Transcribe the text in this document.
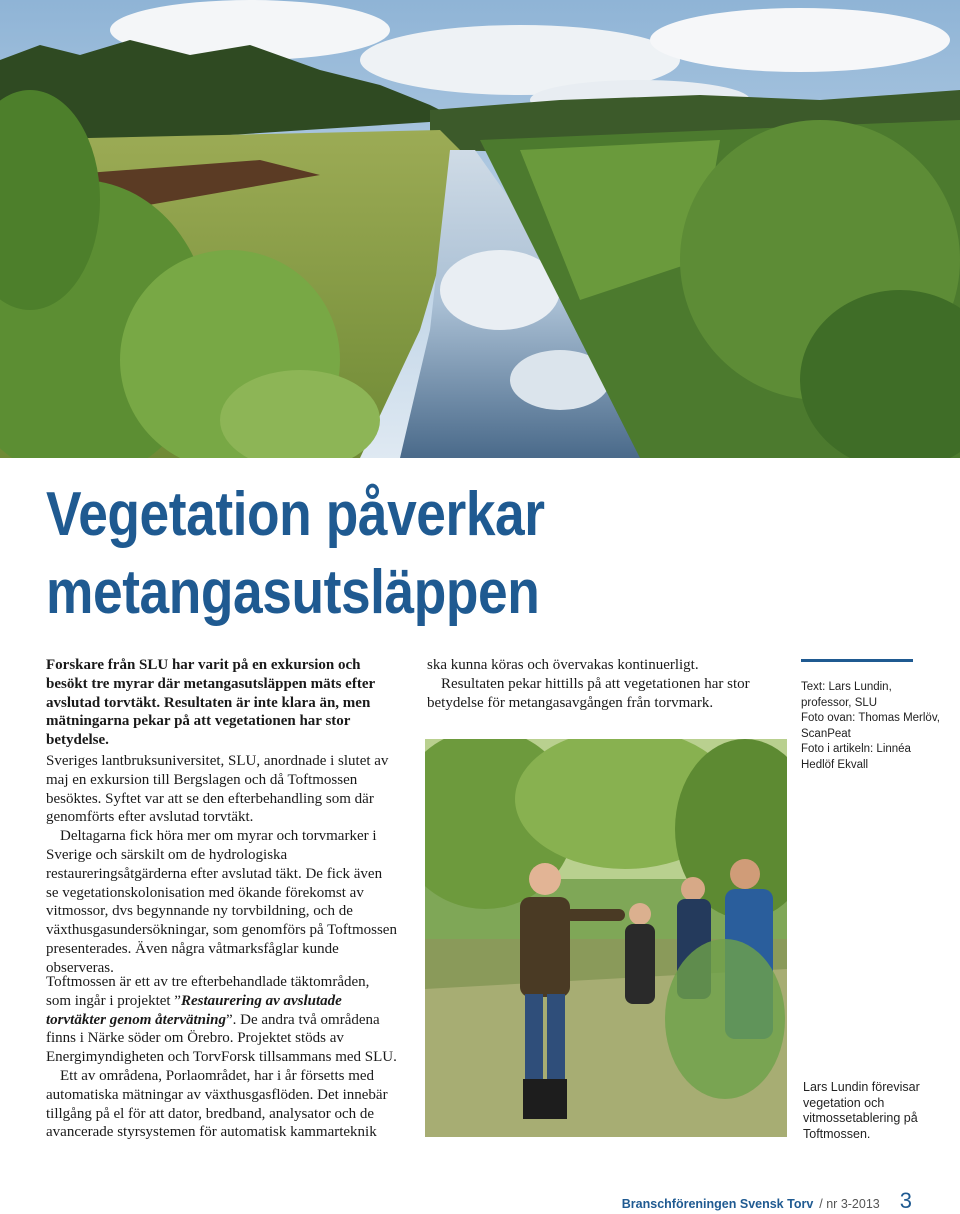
Vegetation påverkar
metangasutsläppen

Forskare från SLU har varit på en exkursion och besökt tre myrar där metangasutsläppen mäts efter avslutad torvtäkt. Resultaten är inte klara än, men mätningarna pekar på att vegetationen har stor betydelse.

Sveriges lantbruksuniversitet, SLU, anordnade i slutet av maj en exkursion till Bergslagen och då Toftmossen besöktes. Syftet var att se den efterbehandling som där genomförts efter avslutad torvtäkt.

Deltagarna fick höra mer om myrar och torvmarker i Sverige och särskilt om de hydrologiska restaureringsåtgärderna efter avslutad täkt. De fick även se vegetationskolonisation med ökande förekomst av vitmossor, dvs begynnande ny torvbildning, och de växthusgasundersökningar, som genomförs på Toftmossen presenterades. Även några våtmarksfåglar kunde observeras.

Toftmossen är ett av tre efterbehandlade täktområden, som ingår i projektet ”Restaurering av avslutade torvtäkter genom återvätning”. De andra två områdena finns i Närke söder om Örebro. Projektet stöds av Energimyndigheten och TorvForsk tillsammans med SLU.

Ett av områdena, Porlaområdet, har i år försetts med automatiska mätningar av växthusgasflöden. Det innebär tillgång på el för att dator, bredband, analysator och de avancerade styrsystemen för automatisk kammarteknik

ska kunna köras och övervakas kontinuerligt.

Resultaten pekar hittills på att vegetationen har stor betydelse för metangasavgången från torvmark.

Text: Lars Lundin,
professor, SLU
Foto ovan: Thomas Merlöv,
ScanPeat
Foto i artikeln: Linnéa
Hedlöf Ekvall
Lars Lundin förevisar vegetation och vitmossetablering på Toftmossen.
Branschföreningen Svensk Torv / nr 3-2013 3
